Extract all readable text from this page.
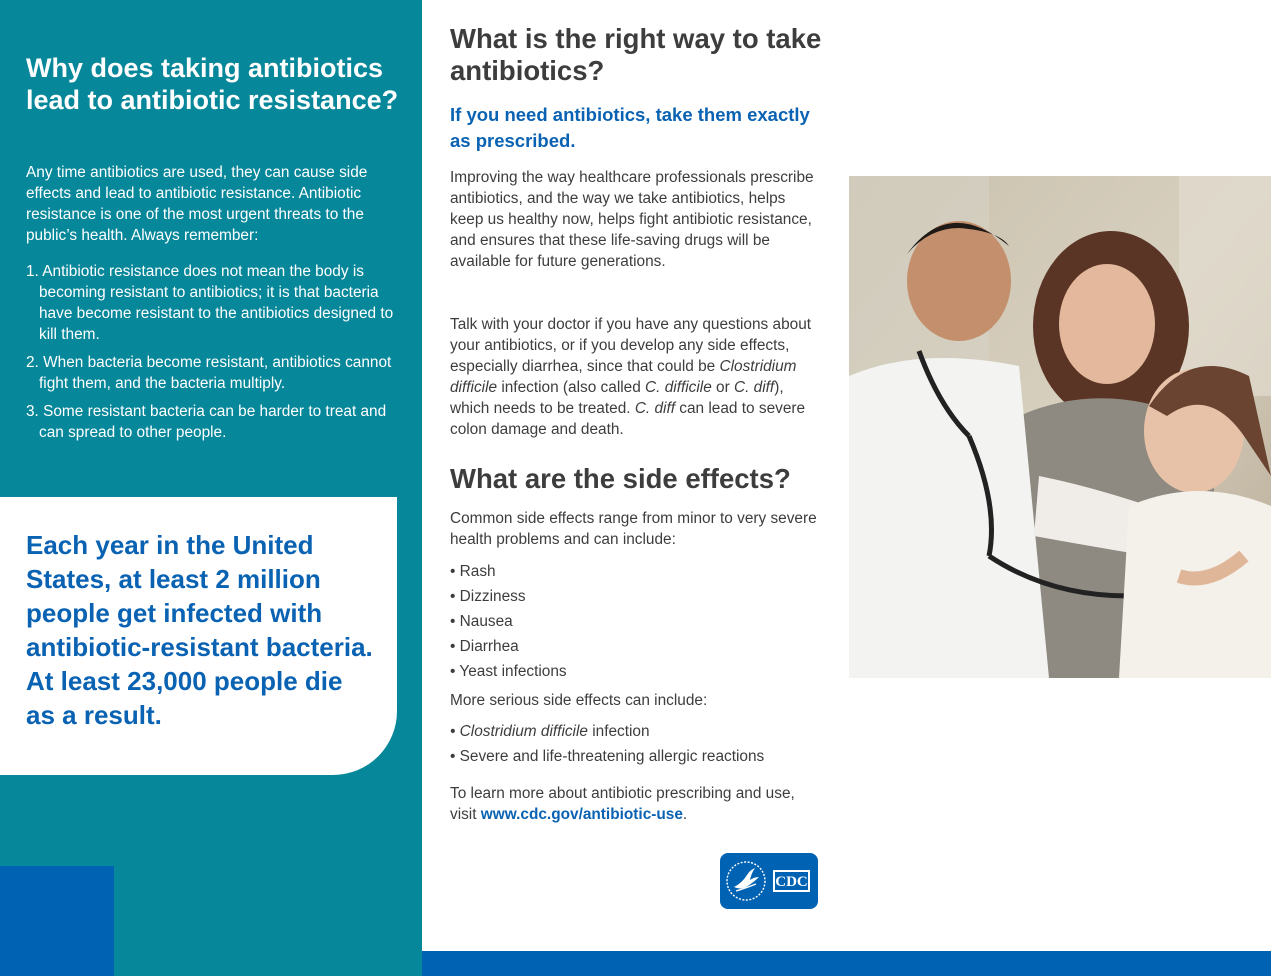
Why does taking antibiotics lead to antibiotic resistance?

Any time antibiotics are used, they can cause side effects and lead to antibiotic resistance. Antibiotic resistance is one of the most urgent threats to the public’s health. Always remember:

1. Antibiotic resistance does not mean the body is becoming resistant to antibiotics; it is that bacteria have become resistant to the antibiotics designed to kill them.
2. When bacteria become resistant, antibiotics cannot fight them, and the bacteria multiply.
3. Some resistant bacteria can be harder to treat and can spread to other people.

Each year in the United States, at least 2 million people get infected with antibiotic-resistant bacteria. At least 23,000 people die as a result.

What is the right way to take antibiotics?

If you need antibiotics, take them exactly as prescribed.

Improving the way healthcare professionals prescribe antibiotics, and the way we take antibiotics, helps keep us healthy now, helps fight antibiotic resistance, and ensures that these life-saving drugs will be available for future generations.

Talk with your doctor if you have any questions about your antibiotics, or if you develop any side effects, especially diarrhea, since that could be Clostridium difficile infection (also called C. difficile or C. diff), which needs to be treated. C. diff can lead to severe colon damage and death.

What are the side effects?

Common side effects range from minor to very severe health problems and can include:

• Rash
• Dizziness
• Nausea
• Diarrhea
• Yeast infections

More serious side effects can include:

• Clostridium difficile infection
• Severe and life-threatening allergic reactions

To learn more about antibiotic prescribing and use, visit www.cdc.gov/antibiotic-use.

CDC
